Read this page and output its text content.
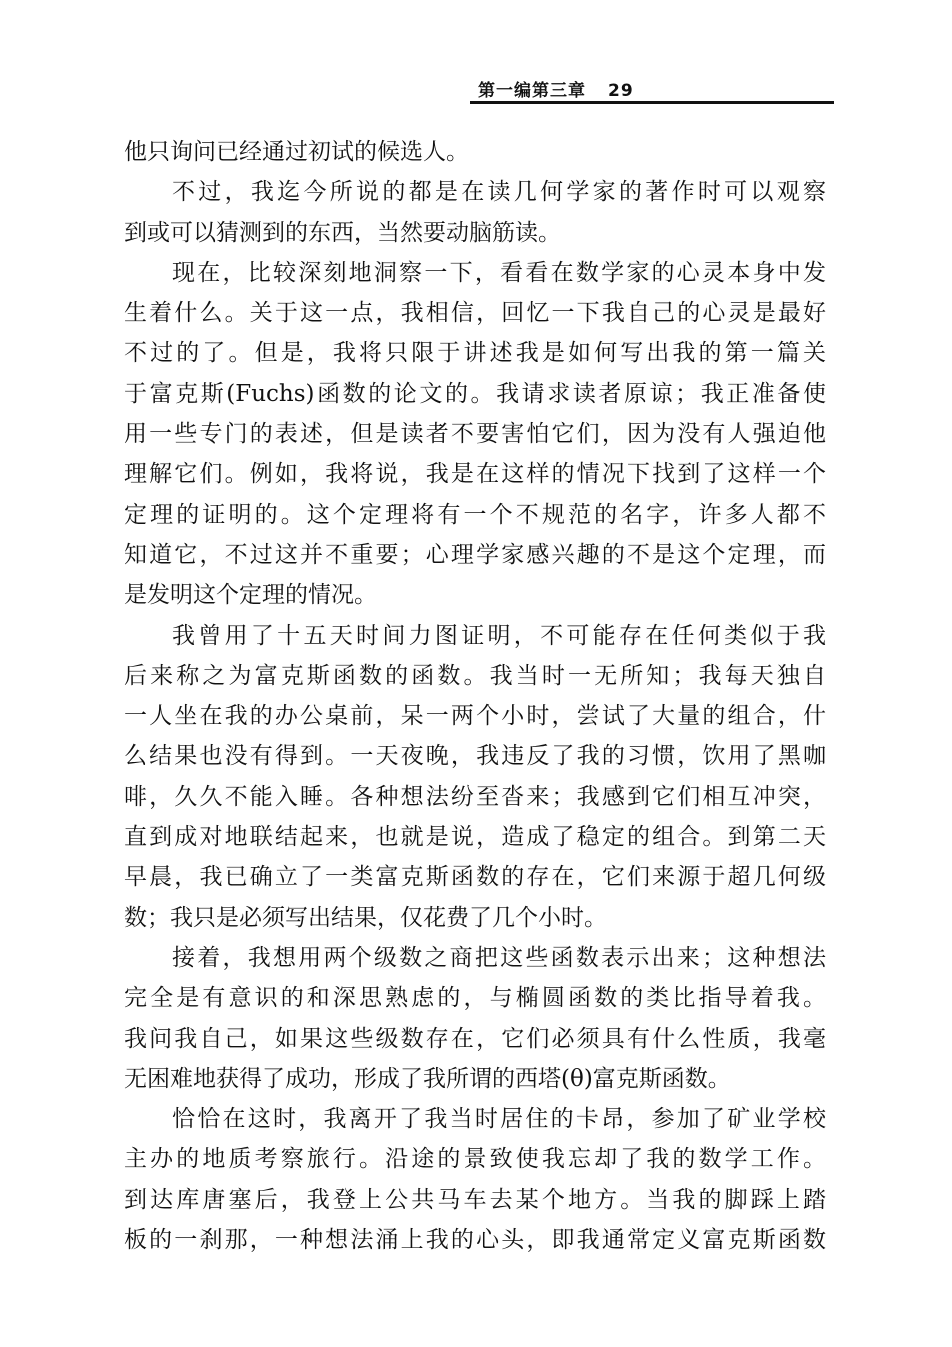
第一编第三章 29
他只询问已经通过初试的候选人。
不过，我迄今所说的都是在读几何学家的著作时可以观察
到或可以猜测到的东西，当然要动脑筋读。
现在，比较深刻地洞察一下，看看在数学家的心灵本身中发
生着什么。关于这一点，我相信，回忆一下我自己的心灵是最好
不过的了。但是，我将只限于讲述我是如何写出我的第一篇关
于富克斯(Fuchs)函数的论文的。我请求读者原谅；我正准备使
用一些专门的表述，但是读者不要害怕它们，因为没有人强迫他
理解它们。例如，我将说，我是在这样的情况下找到了这样一个
定理的证明的。这个定理将有一个不规范的名字，许多人都不
知道它，不过这并不重要；心理学家感兴趣的不是这个定理，而
是发明这个定理的情况。
我曾用了十五天时间力图证明，不可能存在任何类似于我
后来称之为富克斯函数的函数。我当时一无所知；我每天独自
一人坐在我的办公桌前，呆一两个小时，尝试了大量的组合，什
么结果也没有得到。一天夜晚，我违反了我的习惯，饮用了黑咖
啡，久久不能入睡。各种想法纷至沓来；我感到它们相互冲突，
直到成对地联结起来，也就是说，造成了稳定的组合。到第二天
早晨，我已确立了一类富克斯函数的存在，它们来源于超几何级
数；我只是必须写出结果，仅花费了几个小时。
接着，我想用两个级数之商把这些函数表示出来；这种想法
完全是有意识的和深思熟虑的，与椭圆函数的类比指导着我。
我问我自己，如果这些级数存在，它们必须具有什么性质，我毫
无困难地获得了成功，形成了我所谓的西塔(θ)富克斯函数。
恰恰在这时，我离开了我当时居住的卡昂，参加了矿业学校
主办的地质考察旅行。沿途的景致使我忘却了我的数学工作。
到达库唐塞后，我登上公共马车去某个地方。当我的脚踩上踏
板的一刹那，一种想法涌上我的心头，即我通常定义富克斯函数
